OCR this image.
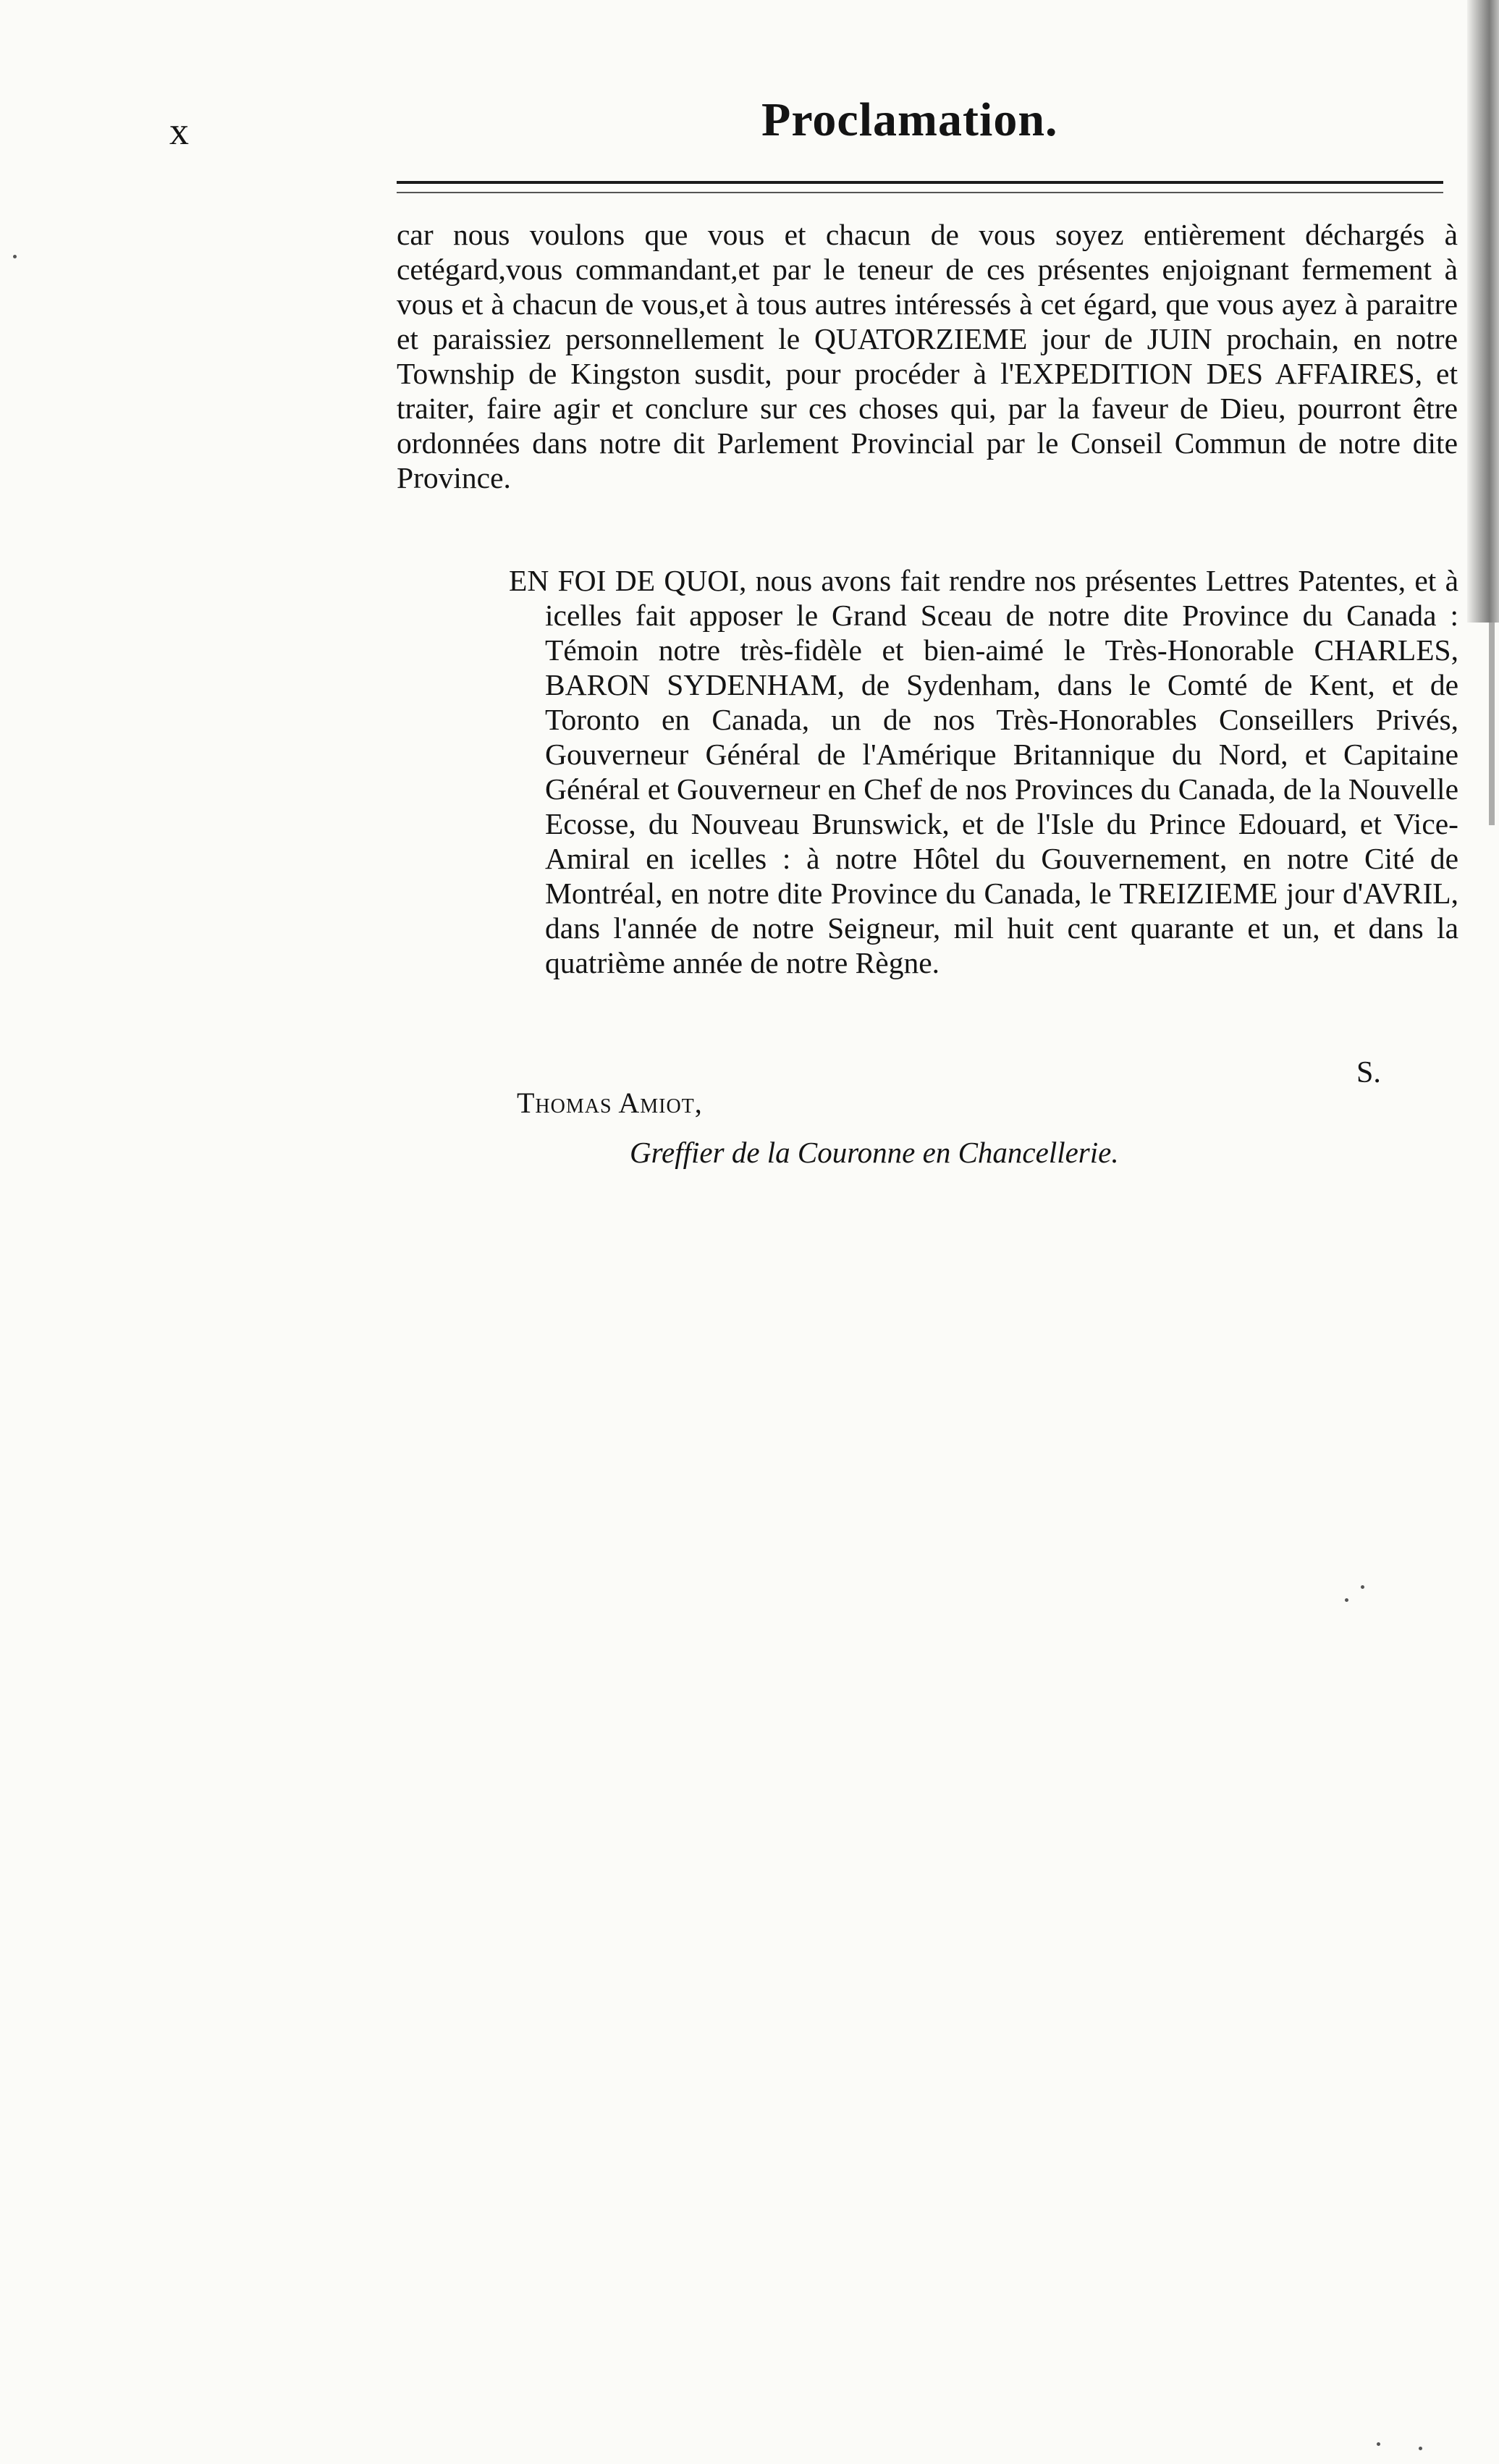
x	Proclamation.
car nous voulons que vous et chacun de vous soyez entièrement déchargés à cetégard,vous commandant,et par le teneur de ces présentes enjoignant fermement à vous et à chacun de vous,et à tous autres intéressés à cet égard, que vous ayez à paraitre et paraissiez personnellement le QUATORZIEME jour de JUIN prochain, en notre Township de Kingston susdit, pour procéder à l'EXPEDITION DES AFFAIRES, et traiter, faire agir et conclure sur ces choses qui, par la faveur de Dieu, pourront être ordonnées dans notre dit Parlement Provincial par le Conseil Commun de notre dite Province.
EN FOI DE QUOI, nous avons fait rendre nos présentes Lettres Patentes, et à icelles fait apposer le Grand Sceau de notre dite Province du Canada : Témoin notre très-fidèle et bien-aimé le Très-Honorable CHARLES, BARON SYDENHAM, de Sydenham, dans le Comté de Kent, et de Toronto en Canada, un de nos Très-Honorables Conseillers Privés, Gouverneur Général de l'Amérique Britannique du Nord, et Capitaine Général et Gouverneur en Chef de nos Provinces du Canada, de la Nouvelle Ecosse, du Nouveau Brunswick, et de l'Isle du Prince Edouard, et Vice-Amiral en icelles : à notre Hôtel du Gouvernement, en notre Cité de Montréal, en notre dite Province du Canada, le TREIZIEME jour d'AVRIL, dans l'année de notre Seigneur, mil huit cent quarante et un, et dans la quatrième année de notre Règne.
S.
Thomas Amiot,
Greffier de la Couronne en Chancellerie.
